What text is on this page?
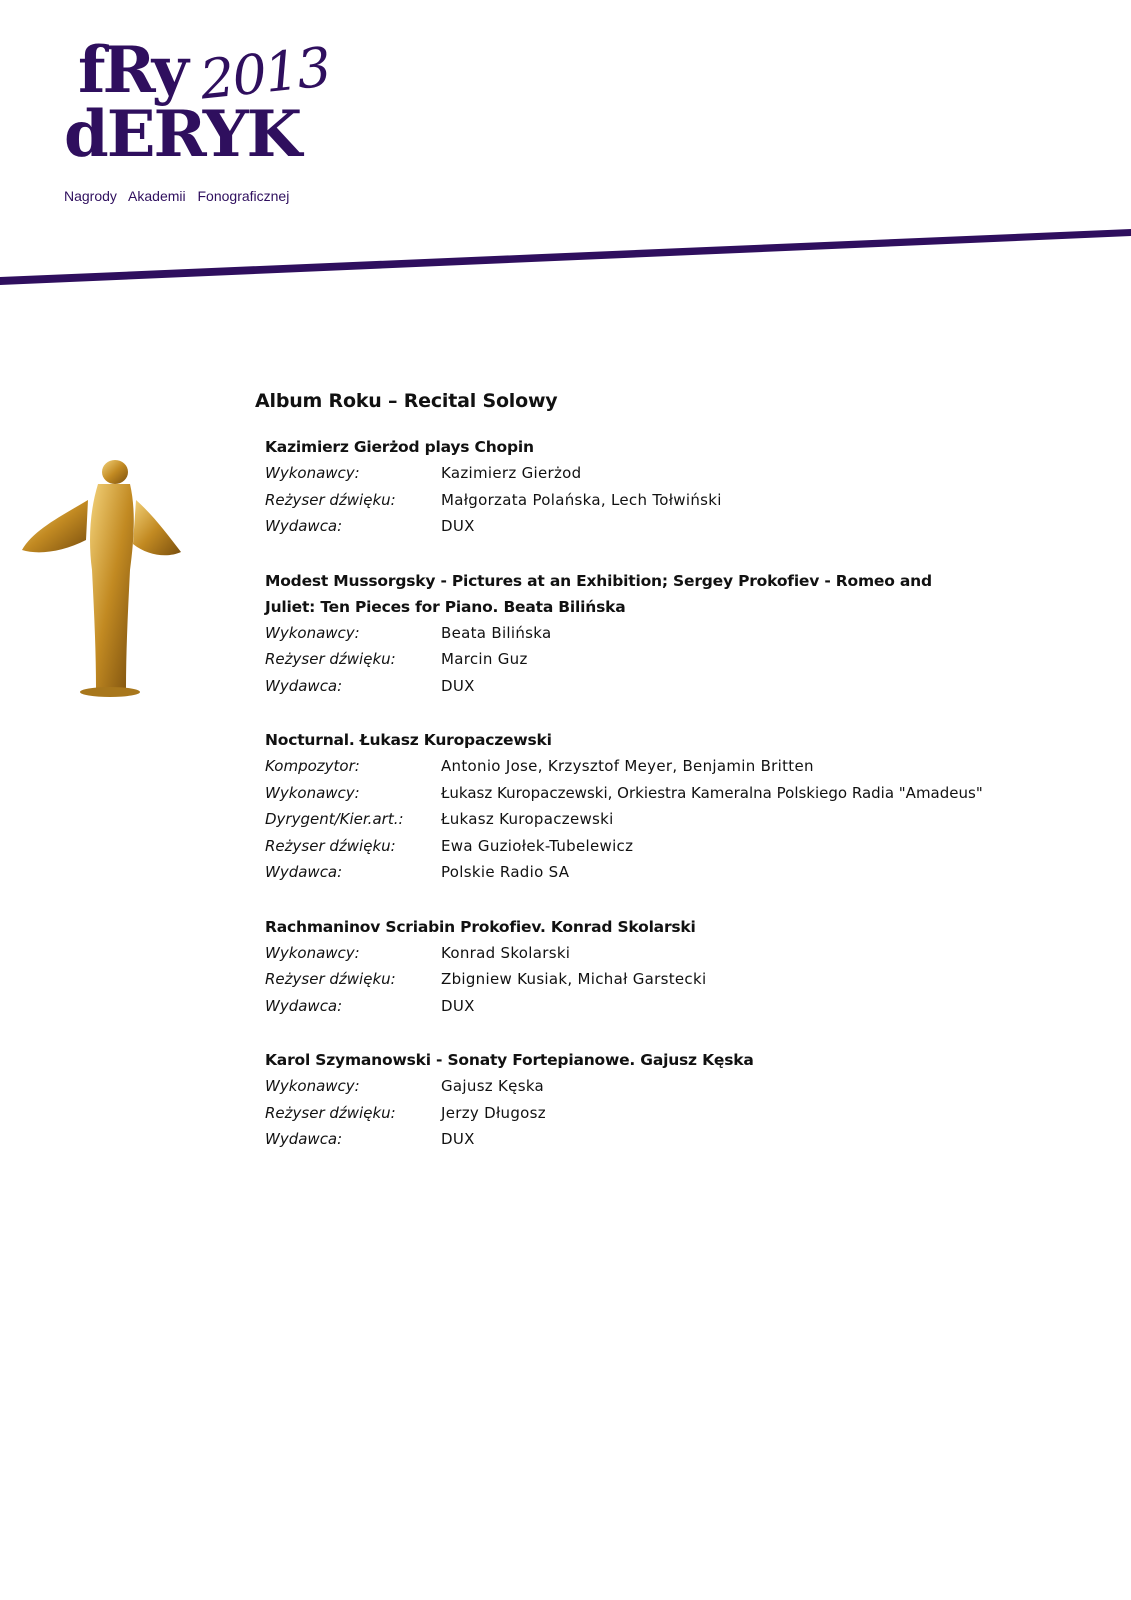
fRy 2013
dERYK
Nagrody Akademii Fonograficznej
Album Roku – Recital Solowy
Kazimierz Gierżod plays Chopin
Wykonawcy:	Kazimierz Gierżod
Reżyser dźwięku:	Małgorzata Polańska, Lech Tołwiński
Wydawca:	DUX
Modest Mussorgsky - Pictures at an Exhibition; Sergey Prokofiev - Romeo and Juliet: Ten Pieces for Piano. Beata Bilińska
Wykonawcy:	Beata Bilińska
Reżyser dźwięku:	Marcin Guz
Wydawca:	DUX
Nocturnal. Łukasz Kuropaczewski
Kompozytor:	Antonio Jose, Krzysztof Meyer, Benjamin Britten
Wykonawcy:	Łukasz Kuropaczewski, Orkiestra Kameralna Polskiego Radia "Amadeus"
Dyrygent/Kier.art.:	Łukasz Kuropaczewski
Reżyser dźwięku:	Ewa Guziołek-Tubelewicz
Wydawca:	Polskie Radio SA
Rachmaninov Scriabin Prokofiev. Konrad Skolarski
Wykonawcy:	Konrad Skolarski
Reżyser dźwięku:	Zbigniew Kusiak, Michał Garstecki
Wydawca:	DUX
Karol Szymanowski - Sonaty Fortepianowe. Gajusz Kęska
Wykonawcy:	Gajusz Kęska
Reżyser dźwięku:	Jerzy Długosz
Wydawca:	DUX
